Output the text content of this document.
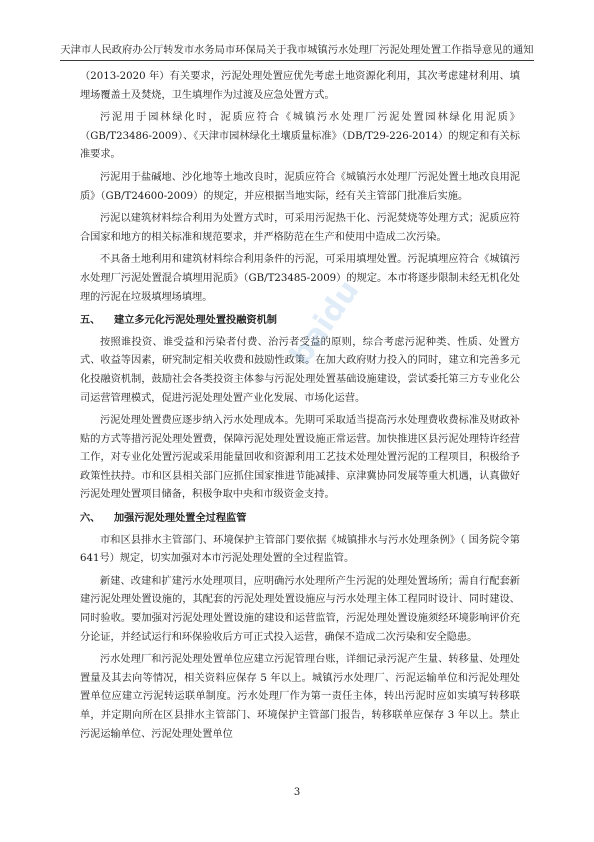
天津市人民政府办公厅转发市水务局市环保局关于我市城镇污水处理厂污泥处理处置工作指导意见的通知

（2013-2020 年）有关要求，污泥处理处置应优先考虑土地资源化利用，其次考虑建材利用、填埋场覆盖土及焚烧，卫生填埋作为过渡及应急处置方式。

污泥用于园林绿化时，泥质应符合《城镇污水处理厂污泥处置园林绿化用泥质》（GB/T23486-2009）、《天津市园林绿化土壤质量标准》（DB/T29-226-2014）的规定和有关标准要求。

污泥用于盐碱地、沙化地等土地改良时，泥质应符合《城镇污水处理厂污泥处置土地改良用泥质》（GB/T24600-2009）的规定，并应根据当地实际，经有关主管部门批准后实施。

污泥以建筑材料综合利用为处置方式时，可采用污泥热干化、污泥焚烧等处理方式；泥质应符合国家和地方的相关标准和规范要求，并严格防范在生产和使用中造成二次污染。

不具备土地利用和建筑材料综合利用条件的污泥，可采用填埋处置。污泥填埋应符合《城镇污水处理厂污泥处置混合填埋用泥质》（GB/T23485-2009）的规定。本市将逐步限制未经无机化处理的污泥在垃圾填埋场填埋。

五、 建立多元化污泥处理处置投融资机制

按照谁投资、谁受益和污染者付费、治污者受益的原则，综合考虑污泥种类、性质、处置方式、收益等因素，研究制定相关收费和鼓励性政策。在加大政府财力投入的同时，建立和完善多元化投融资机制，鼓励社会各类投资主体参与污泥处理处置基础设施建设，尝试委托第三方专业化公司运营管理模式，促进污泥处理处置产业化发展、市场化运营。

污泥处理处置费应逐步纳入污水处理成本。先期可采取适当提高污水处理费收费标准及财政补贴的方式等措污泥处理处置费，保障污泥处理处置设施正常运营。加快推进区县污泥处理特许经营工作，对专业化处置污泥或采用能量回收和资源利用工艺技术处理处置污泥的工程项目，积极给予政策性扶持。市和区县相关部门应抓住国家推进节能减排、京津冀协同发展等重大机遇，认真做好污泥处理处置项目储备，积极争取中央和市级资金支持。

六、 加强污泥处理处置全过程监管

市和区县排水主管部门、环境保护主管部门要依据《城镇排水与污水处理条例》（ 国务院令第 641号）规定，切实加强对本市污泥处理处置的全过程监管。

新建、改建和扩建污水处理项目，应明确污水处理所产生污泥的处理处置场所；需自行配套新建污泥处理处置设施的，其配套的污泥处理处置设施应与污水处理主体工程同时设计、同时建设、同时验收。要加强对污泥处理处置设施的建设和运营监管，污泥处理处置设施须经环境影响评价充分论证，并经试运行和环保验收后方可正式投入运营，确保不造成二次污染和安全隐患。

污水处理厂和污泥处理处置单位应建立污泥管理台账，详细记录污泥产生量、转移量、处理处置量及其去向等情况，相关资料应保存 5 年以上。城镇污水处理厂、污泥运输单位和污泥处理处置单位应建立污泥转运联单制度。污水处理厂作为第一责任主体，转出污泥时应如实填写转移联单，并定期向所在区县排水主管部门、环境保护主管部门报告，转移联单应保存 3 年以上。禁止污泥运输单位、污泥处理处置单位

baidu
3
